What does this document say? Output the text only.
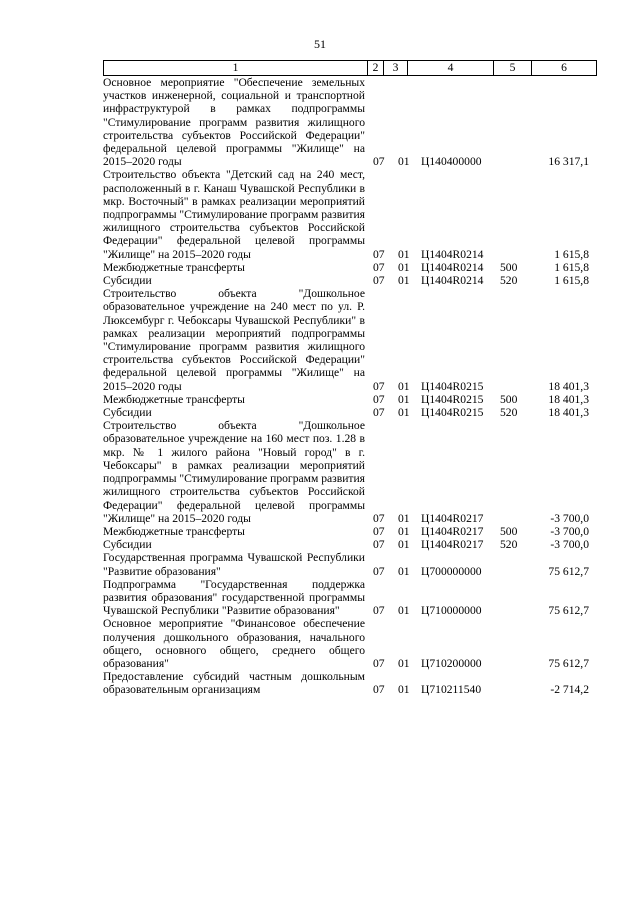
51
1	2	3	4	5	6
Основное мероприятие "Обеспечение земельных участков инженерной, социальной и транспортной инфраструктурой в рамках подпрограммы "Стимулирование программ развития жилищного строительства субъектов Российской Федерации" федеральной целевой программы "Жилище" на 2015–2020 годы	07 01 Ц140400000	16 317,1
Строительство объекта "Детский сад на 240 мест, расположенный в г. Канаш Чувашской Республики в мкр. Восточный" в рамках реализации мероприятий подпрограммы "Стимулирование программ развития жилищного строительства субъектов Российской Федерации" федеральной целевой программы "Жилище" на 2015–2020 годы	07 01 Ц1404R0214	1 615,8
Межбюджетные трансферты	07 01 Ц1404R0214 500	1 615,8
Субсидии	07 01 Ц1404R0214 520	1 615,8
Строительство объекта "Дошкольное образовательное учреждение на 240 мест по ул. Р. Люксембург г. Чебоксары Чувашской Республики" в рамках реализации мероприятий подпрограммы "Стимулирование программ развития жилищного строительства субъектов Российской Федерации" федеральной целевой программы "Жилище" на 2015–2020 годы	07 01 Ц1404R0215	18 401,3
Межбюджетные трансферты	07 01 Ц1404R0215 500	18 401,3
Субсидии	07 01 Ц1404R0215 520	18 401,3
Строительство объекта "Дошкольное образовательное учреждение на 160 мест поз. 1.28 в мкр. № 1 жилого района "Новый город" в г. Чебоксары" в рамках реализации мероприятий подпрограммы "Стимулирование программ развития жилищного строительства субъектов Российской Федерации" федеральной целевой программы "Жилище" на 2015–2020 годы	07 01 Ц1404R0217	-3 700,0
Межбюджетные трансферты	07 01 Ц1404R0217 500	-3 700,0
Субсидии	07 01 Ц1404R0217 520	-3 700,0
Государственная программа Чувашской Республики "Развитие образования"	07 01 Ц700000000	75 612,7
Подпрограмма "Государственная поддержка развития образования" государственной программы Чувашской Республики "Развитие образования"	07 01 Ц710000000	75 612,7
Основное мероприятие "Финансовое обеспечение получения дошкольного образования, начального общего, основного общего, среднего общего образования"	07 01 Ц710200000	75 612,7
Предоставление субсидий частным дошкольным образовательным организациям	07 01 Ц710211540	-2 714,2
